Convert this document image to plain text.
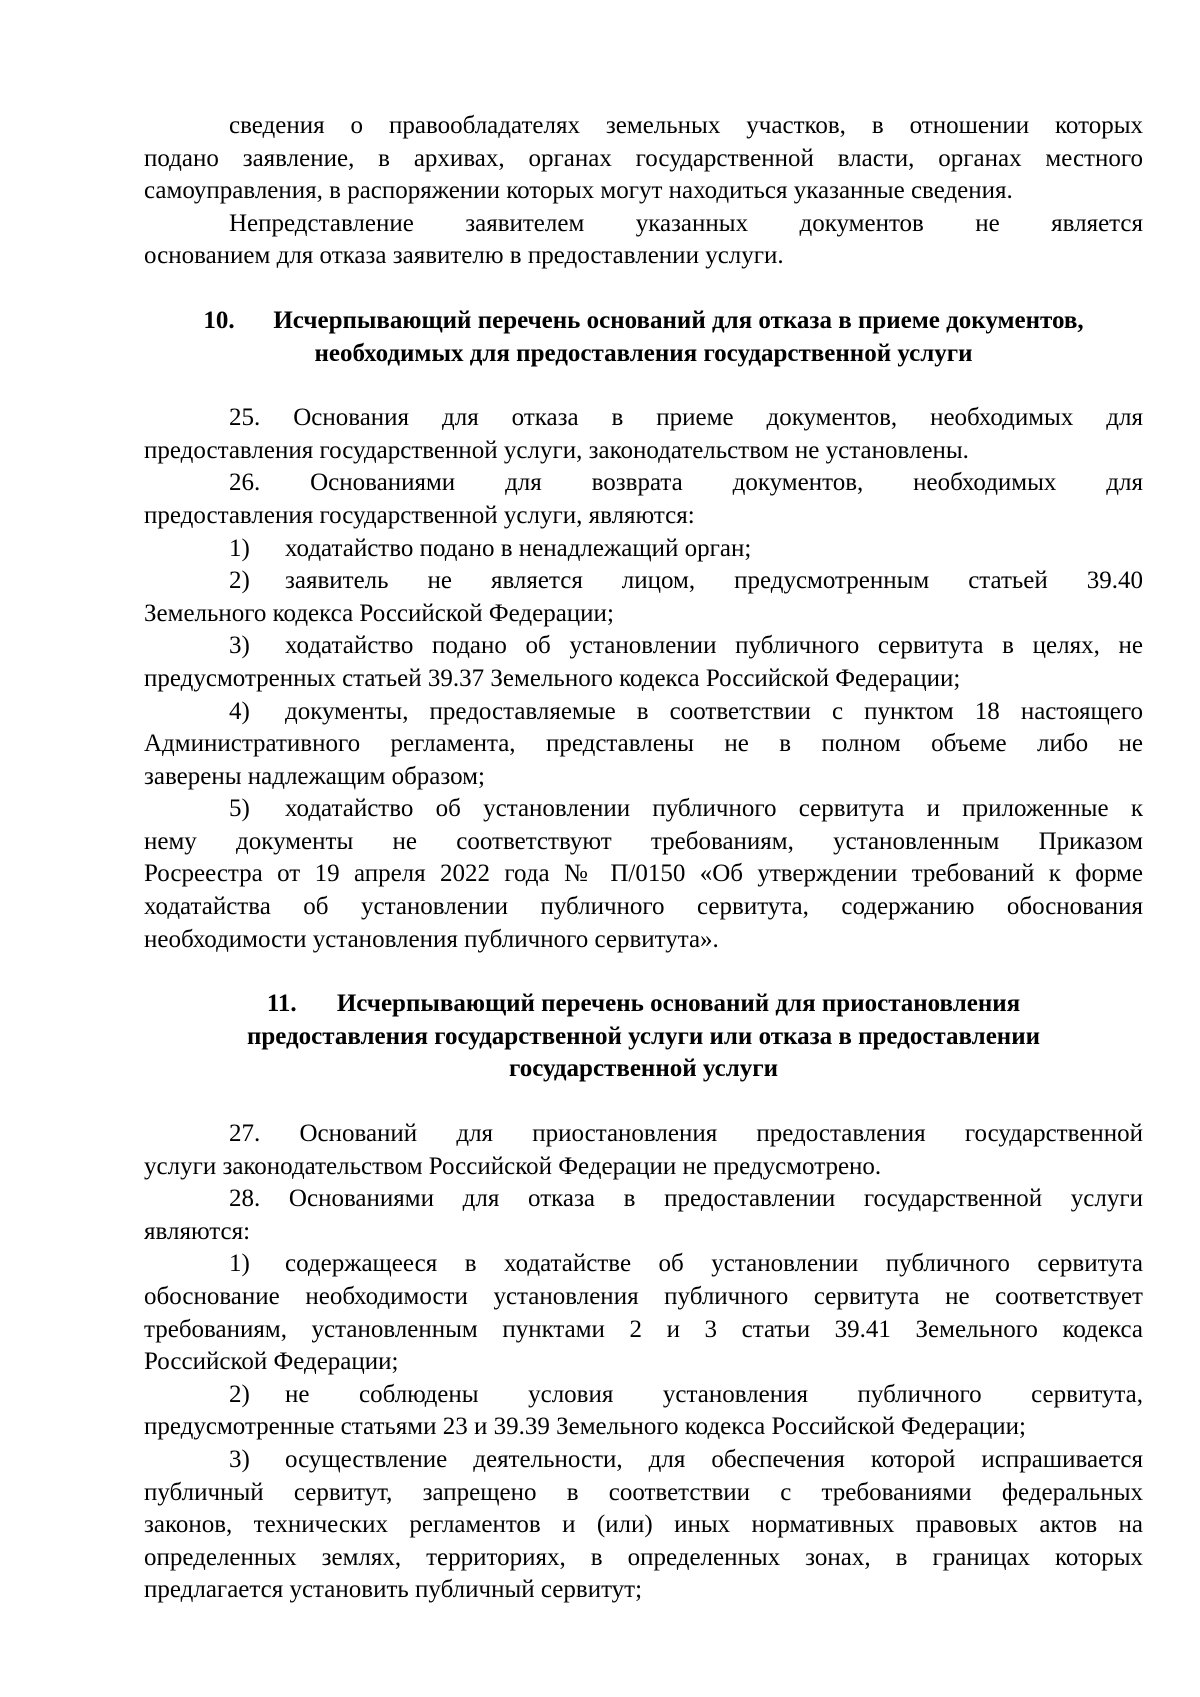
сведения о правообладателях земельных участков, в отношении которых

подано заявление, в архивах, органах государственной власти, органах местного

самоуправления, в распоряжении которых могут находиться указанные сведения.

Непредставление заявителем указанных документов не является

основанием для отказа заявителю в предоставлении услуги.

10. Исчерпывающий перечень оснований для отказа в приеме документов,
необходимых для предоставления государственной услуги

25. Основания для отказа в приеме документов, необходимых для

предоставления государственной услуги, законодательством не установлены.

26. Основаниями для возврата документов, необходимых для

предоставления государственной услуги, являются:

1)	ходатайство подано в ненадлежащий орган;

2)	заявитель не является лицом, предусмотренным статьей 39.40

Земельного кодекса Российской Федерации;

3)	ходатайство подано об установлении публичного сервитута в целях, не

предусмотренных статьей 39.37 Земельного кодекса Российской Федерации;

4)	документы, предоставляемые в соответствии с пунктом 18 настоящего

Административного регламента, представлены не в полном объеме либо не

заверены надлежащим образом;

5)	ходатайство об установлении публичного сервитута и приложенные к

нему документы не соответствуют требованиям, установленным Приказом

Росреестра от 19 апреля 2022 года № П/0150 «Об утверждении требований к форме

ходатайства об установлении публичного сервитута, содержанию обоснования

необходимости установления публичного сервитута».

11. Исчерпывающий перечень оснований для приостановления
предоставления государственной услуги или отказа в предоставлении
государственной услуги

27. Оснований для приостановления предоставления государственной

услуги законодательством Российской Федерации не предусмотрено.

28. Основаниями для отказа в предоставлении государственной услуги

являются:

1)	содержащееся в ходатайстве об установлении публичного сервитута

обоснование необходимости установления публичного сервитута не соответствует

требованиям, установленным пунктами 2 и 3 статьи 39.41 Земельного кодекса

Российской Федерации;

2)	не соблюдены условия установления публичного сервитута,

предусмотренные статьями 23 и 39.39 Земельного кодекса Российской Федерации;

3)	осуществление деятельности, для обеспечения которой испрашивается

публичный сервитут, запрещено в соответствии с требованиями федеральных

законов, технических регламентов и (или) иных нормативных правовых актов на

определенных землях, территориях, в определенных зонах, в границах которых

предлагается установить публичный сервитут;
